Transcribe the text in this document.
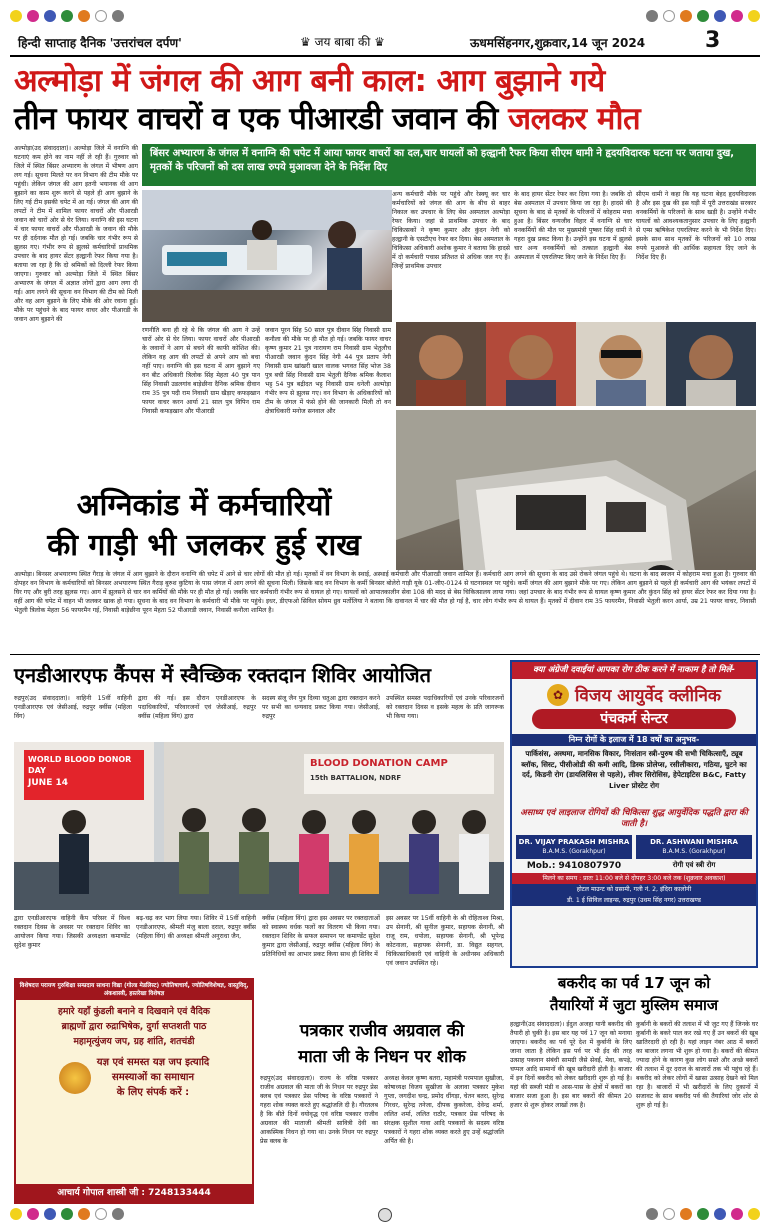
हिन्दी साप्ताह दैनिक 'उत्तरांचल दर्पण'	♛ जय बाबा की ♛	ऊधमसिंहनगर,शुक्रवार,14 जून 2024	3
अल्मोड़ा में जंगल की आग बनी काल: आग बुझाने गये
तीन फायर वाचरों व एक पीआरडी जवान की जलकर मौत
अल्मोड़ा(उद संवाददाता)। अल्मोड़ा जिले में वनाग्नि की घटनाएं कम होने का नाम नहीं ले रही हैं। गुरुवार को जिले में स्थित बिंसर अभ्यारण के जंगल में भीषण आग लग गई। सूचना मिलते पर वन विभाग की टीम मौके पर पहुंची। लेकिन जंगल की आग इतनी भयानक थी आग बुझाने का काम शुरू करने से पहले ही आग बुझाने के लिए गई टीम इसकी चपेट में आ गई। जंगल की आग की लपटों ने टीम में शामिल फायर वाचरों और पीआरडी जवान को चारों ओर से घेर लिया। वनाग्नि की इस घटना में चार फायर वाचरों और पीआरडी के जवान की मौके पर ही दर्दनाक मौत हो गई। जबकि चार गंभीर रूप से झुलस गए। गंभीर रूप से झुलसे कर्मचारियों प्राथमिक उपचार के बाद हायर सेंटर हल्द्वानी रेफर किया गया है। बताया जा रहा है कि दो श्रमिकों को दिल्ली रेफर किया जाएगा। गुरुवार को अल्मोड़ा जिले में स्थित बिंसर अभ्यारण के जंगल में अज्ञात लोगों द्वारा आग लगा दी गई। आग लगने की सूचना वन विभाग की टीम को मिली और वह आग बुझाने के लिए मौके की ओर रवाना हुई। मौके पर पहुंचने के बाद फायर वाचर और पीआरडी के जवान आग बुझाने की
बिंसर अभ्यारण के जंगल में वनाग्नि की चपेट में आया फायर वाचरों का दल,चार घायलों को हल्द्वानी रैफर किया सीएम धामी ने हृदयविदारक घटना पर जताया दुख, मृतकों के परिजनों को दस लाख रुपये मुआवजा देने के निर्देश दिए
रणनीति बना ही रहे थे कि जंगल की आग ने उन्हें चारों ओर से घेर लिया। फायर वाचरों और पीआरडी के जवानों ने आग से बचने की काफी कोशिश की। लेकिन वह आग की लपटों से अपने आप को बचा नहीं पाए। वनाग्नि की इस घटना में आग बुझाने गए वन बीट अधिकारी त्रिलोक सिंह मेहता 40 पुत्र पान सिंह निवासी उडलगांव बाड़ेछीना दैनिक श्रमिक दीवान राम 35 पुत्र पदी राम निवासी ग्राम खैड़ाए कफड़खान फायर वाचर करन आर्या 21 साल पुत्र विपिन राम निवासी कफड़खान और पीआरडी
जवान पूरन सिंह 50 साल पुत्र दीवान सिंह निवासी ग्राम कनौला की मौके पर ही मौत हो गई। जबकि फायर वाचर कृष्ण कुमार 21 पुत्र नारायण राम निवासी ग्राम भेतुलौच पीआरडी जवान कुंदन सिंह नेगी 44 पुत्र प्रताप नेगी निवासी ग्राम खांखरी खाल वालक भगवत सिंह भोज 38 पुत्र बची सिंह निवासी ग्राम भेतुली दैनिक श्रमिक कैलाश भट्ट 54 पुत्र बद्रीदत भट्ट निवासी ग्राम धनेली अल्मोड़ा गंभीर रूप से झुलस गए। वन विभाग के अधिकारियों को टीम के जंगल में फंसे होने की जानकारी मिली तो वन क्षेत्राधिकारी मनोज सनवाल और
अन्य कर्मचारी मौके पर पहुंचे और रेस्क्यू कर चार कर्मचारियों को जंगल की आग के बीच से बाहर निकाल कर उपचार के लिए बेस अस्पताल अल्मोड़ा रेफर किया। जहां से प्राथमिक उपचार के बाद चिकित्सकों ने कृष्ण कुमार और कुंदन नेगी को हल्द्वानी के एसटीएच रेफर कर दिया। बेस अस्पताल के चिकित्सा अधिकारी अशोक कुमार ने बताया कि हादसे में दो कर्मचारी पचास प्रतिशत से अधिक जल गए हैं। जिन्हें प्राथमिक उपचार
के बाद हायर सेंटर रेफर कर दिया गया है। जबकि दो बेस अस्पताल में उपचार किया जा रहा है। हादसे की सूचना के बाद से मृतकों के परिजनों में कोहराम मचा हुआ है। बिंसर वन्यजीव विहार में वनाग्नि से चार वनकर्मियों की मौत पर मुख्यमंत्री पुष्कर सिंह धामी ने गहरा दुख प्रकट किया है। उन्होंने इस घटना में झुलसे चार अन्य वनकर्मियों को तत्काल हल्द्वानी बेस अस्पताल में एयरलिफ्ट किए जाने के निर्देश दिए हैं।
सीएम धामी ने कहा कि यह घटना बेहद हृदयविदारक है और इस दुख की इस घड़ी में पूरी उत्तराखंड सरकार वनकर्मियों के परिजनों के साथ खड़ी है। उन्होंने गंभीर घायलों को आवश्यकतानुसार उपचार के लिए हल्द्वानी से एम्स ऋषिकेश एयरलिफ्ट करने के भी निर्देश दिए। इसके साथ साथ मृतकों के परिजनों को 10 लाख रुपये मुआवजे की आर्थिक सहायता दिए जाने के निर्देश दिए हैं।
अग्निकांड में कर्मचारियों
की गाड़ी भी जलकर हुई राख
अल्मोड़ा। बिनसर अभयारण्य स्थित गैराड़ के जंगल में आग बुझाने के दौरान वनाग्नि की चपेट में आने से चार लोगों की मौत हो गई। मृतकों में वन विभाग के स्थाई, अस्थाई कर्मचारी और पीआरडी जवान शामिल हैं। कर्मचारी आग लगने की सूचना के बाद उसे रोकने जंगल पहुंचे थे। घटना के बाद स्वजन में कोहराम मचा हुआ है। गुरुवार की दोपहर वन विभाग के कर्मचारियों को बिनसर अभयारण्य स्थित गैराड़ बुरुश कुटिया के पास जंगल में आग लगने की सूचना मिली। जिसके बाद वन विभाग के कर्मी बिनसर बोलेरो गाड़ी यूके 01-जीए-0124 से घटनास्थल पर पहुंचे। कर्मी जंगल की आग बुझाने मौके पर गए। लेकिन आग बुझाने से पहले ही कर्मचारी आग की भयंकर लपटों में घिर गए और बुरी तरह झुलस गए। आग में झुलसने से चार वन कर्मियों की मौके पर ही मौत हो गई। जबकि चार कर्मचारी गंभीर रूप से घायल हो गए। घायलों को आपातकालीन सेवा 108 की मदद से बेस चिकित्सालय लाया गया। जहां उपचार के बाद गंभीर रूप से घायल कृष्ण कुमार और कुंदन सिंह को हायर सेंटर रेफर कर दिया गया है। वहीं आग की चपेट में वाहन भी जलकर खाक हो गया। सूचना के बाद वन विभाग के कर्मचारी भी मौके पर पहुंचे। इधर, डीएफओ सिविल सोयम ध्रुव मर्तोलिया ने बताया कि दावानल में चार की मौत हो गई है, चार लोग गंभीर रूप से घायल हैं। मृतकों में दीवान राम 35 फायरमैन, निवासी भेतुली करन आर्या, उम्र 21 फायर वाचर, निवासी भेतुली त्रिलोक मेहता 56 फायरमैन गई, निवासी बाड़ेछीना पूरन मेहता 52 पीआरडी जवान, निवासी कनौला शामिल है।
एनडीआरएफ कैंपस में स्वैच्छिक रक्तदान शिविर आयोजित
रुद्रपुर(उद संवाददाता)। वाहिनी 15वीं वाहिनी एनडीआरएफ एवं जेसीआई, रुद्रपुर क्वींस (महिला विंग)
द्वारा की गई। इस दौरान एनडीआरएफ के पदाधिकारियों, परिवारजनों एवं जेसीआई, रुद्रपुर क्वींस (महिला विंग) द्वारा
सदस्य संजू जैन पुत्र दिव्या चतुआ द्वारा रक्तदान करने पर सभी का धन्यवाद प्रकट किया गया। जेसीआई, रुद्रपुर
उपस्थित समस्त पदाधिकारियों एवं उनके परिवारजनों को रक्तदान दिवस व इसके महत्व के प्रति जागरूक भी किया गया।
WORLD BLOOD DONOR DAY
JUNE 14
BLOOD DONATION CAMP
15th BATTALION, NDRF
द्वारा एनडीआरएफ वाहिनी कैंप परिसर में विश्व रक्तदान दिवस के अवसर पर रक्तदान शिविर का आयोजन किया गया। जिसकी अध्यक्षता कमाण्डेंट सुदेश कुमार
बढ़-चढ़ कर भाग लिया गया। शिविर में 15वीं वाहिनी एनडीआरएफ, श्रीमती मंजु बाला दराल, रुद्रपुर क्वींस (महिला विंग) की अध्यक्षा श्रीमती अनुराधा जैन,
क्वींस (महिला विंग) द्वारा इस अवसर पर रक्तदाताओं को स्वास्थ्य वर्धक फलों का वितरण भी किया गया। रक्तदान शिविर के सफल समापन पर कमाण्डेंट सुदेश कुमार द्वारा जेसीआई, रुद्रपुर क्वींस (महिला विंग) के प्रतिनिधियों का आभार प्रकट किया साथ ही शिविर में
इस अवसर पर 15वीं वाहिनी के श्री रोहिताश्व मिश्रा, उप सेनानी, श्री सुनील कुमार, सहायक सेनानी, श्री राजू राम, धपोला, सहायक सेनानी, श्री भूपेन्द्र कोटनाला, सहायक सेनानी, डा. विद्युत सहगल, चिकित्साधिकारी एवं वाहिनी के अधीनस्थ अधिकारी एवं जवान उपस्थित रहे।
क्या अंग्रेजी दवाईयां आपका रोग ठीक करने में नाकाम है तो मिलें-
✿ विजय आयुर्वेद क्लीनिक
पंचकर्म सेन्टर
निम्न रोगों के इलाज में 18 वर्षों का अनुभव-
पार्किसंस, अस्थमा, मानसिक विकार, निःसंतान स्त्री-पुरुष की सभी चिकित्साएँ, ट्यूब ब्लॉक, सिस्ट, पीसीओडी की कमी आदि, डिस्क प्रोलेप्स, रसीलीकारा, गठिया, घुटने का दर्द, किडनी रोग (डायलिसिस से पहले), लीवर सिरोसिस, हेपेटाइटिस B&C, Fatty Liver प्रोस्टेट रोग
असाध्य एवं लाइलाज रोगियों की चिकित्सा शुद्ध आयुर्वेदिक पद्धति द्वारा की जाती है।
DR. VIJAY PRAKASH MISHRA
B.A.M.S. (Gorakhpur)
DR. ASHWANI MISHRA
B.A.M.S. (Gorakhpur)
Mob.: 9410807970	रोगी एवं स्त्री रोग
मिलने का समय : प्रातः 11:00 बजे से दोपहर 3:00 बजे तक (शुक्रवार अवकाश)
होटल माउन्ट को ग्रसामी, गली नं. 2, इंदिरा कालोनी
डी. 1 ई सिविल लाइन्स, रुद्रपुर (उधम सिंह नगर) उत्तराखण्ड
विशेषदत्त परायण गुरुशिक्षा सम्प्रदाय साधना विद्या (गोल्ड मेडलिस्ट) ज्योतिषाचार्य, ज्योतिषविशेषज्ञ, वास्तुविद्, अंकशास्त्री, हस्तरेखा विशेषज्ञ
हमारे यहाँ कुंडली बनाने व दिखवाने एवं वैदिक
ब्राह्मणों द्वारा रुद्राभिषेक, दुर्गा सप्तशती पाठ
महामृत्युंजय जप, ग्रह शांति, शतचंडी
यज्ञ एवं समस्त यज्ञ जप इत्यादि
समस्याओं का समाधान
के लिए संपर्क करें :
आचार्य गोपाल शास्त्री जी : 7248133444
पत्रकार राजीव अग्रवाल की
माता जी के निधन पर शोक
रुद्रपुर(उद संवाददाता)। राज्य के वरिष्ठ पत्रकार राजीव अग्रवाल की माता जी के निधन पर रुद्रपुर प्रेस क्लब एवं पत्रकार प्रेस परिषद के वरिष्ठ पत्रकारों ने गहरा शोक व्यक्त करते हुए श्रद्धांजलि दी है। गौरतलब है कि बीते दिनों वयोवृद्ध एवं वरिष्ठ पत्रकार राजीव अग्रवाल की माताजी श्रीमती सावित्री देवी का आकस्मिक निधन हो गया था। उनके निधन पर रुद्रपुर प्रेस क्लब के
अध्यक्ष केवल कृष्ण बतरा, महामंत्री परमपाल सुखीजा, कोषाध्यक्ष विजय सुखीजा के अलावा पत्रकार मुकेश गुप्ता, जगदीश चन्द्र, प्रमोद धींगड़ा, चेतन बतरा, सुरेन्द्र गिरधर, सुरेन्द्र तनेजा, दीपक कुकरेजा, देवेन्द्र शर्मा, ललित शर्मा, ललित राठौर, पत्रकार प्रेस परिषद के संरक्षक सुशील गावा आदि पत्रकारों के सदस्य वरिष्ठ पत्रकारों ने गहरा शोक व्यक्त करते हुए उन्हें श्रद्धांजलि अर्पित की है।
बकरीद का पर्व 17 जून को
तैयारियों में जुटा मुस्लिम समाज
हल्द्वानी(उद संवाददाता)। ईदुल अजहा यानी बकरीद की तैयारी हो चुकी है। इस बार यह पर्व 17 जून को मनाया जाएगा। बकरीद का पर्व पूरे देश में कुर्बानी के लिए जाना जाता है लेकिन इस पर्व पर भी ईद की तरह उत्साह पकवान संबंधी सामग्री जैसे सेवईं, मेवा, कपड़े, चप्पल आदि सामानों की खूब खरीदारी होती है। बाजार में इन दिनों बकरीद को लेकर खरीदारी शुरू हो गई है। यहां की सब्जी मंडी व आस-पास के क्षेत्रों में बकरों का बाजार सजा हुआ है। इस बार बकरों की कीमत 20 हजार से शुरू होकर लाखों तक है।
कुर्बानी के बकरों की तलाश में भी जुट गए हैं जिनके घर कुर्बानी के बकरे पाल कर रखे गए हैं उन बकरों की खूब खातिरदारी हो रही है। यहां लाइन नंबर आठ में बकरों का बाजार लगना भी शुरू हो गया है। बकरों की कीमत ज्यादा होने के कारण कुछ लोग सस्ते और अच्छे बकरों की तलाश में दूर दराज के बाजारों तक भी पहुंच रहे हैं। बकरीद को लेकर लोगों में खासा उत्साह देखने को मिल रहा है। बाजारों में भी खरीदारों के लिए दुकानों में सजावट के साथ बकरीद पर्व की तैयारियां जोर शोर से शुरू हो गई है।
